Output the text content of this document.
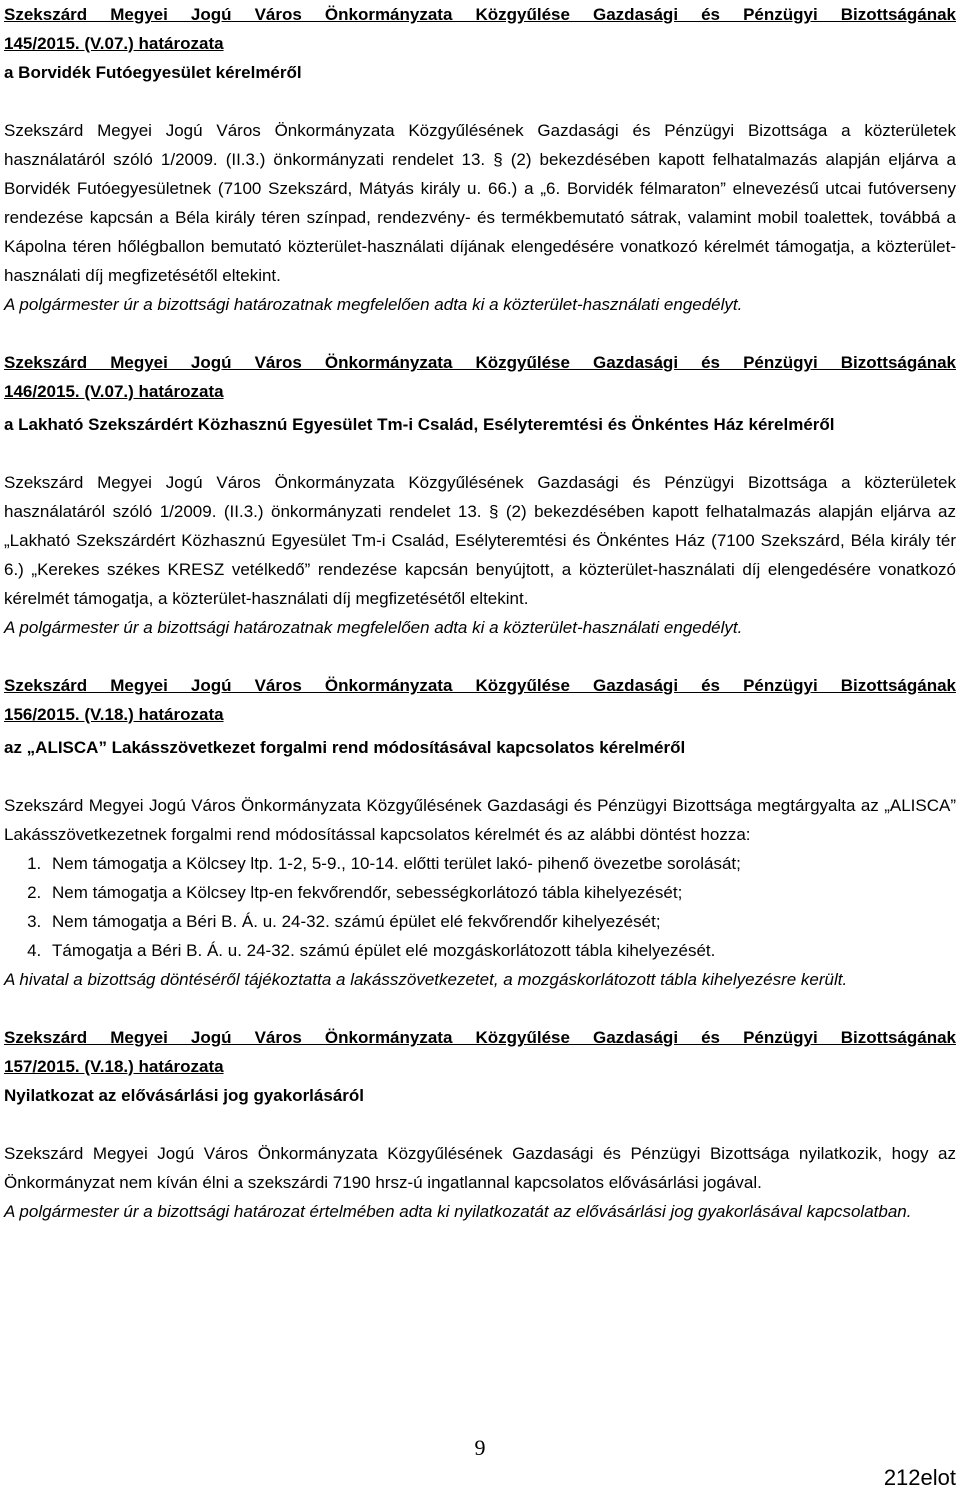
Szekszárd Megyei Jogú Város Önkormányzata Közgyűlése Gazdasági és Pénzügyi Bizottságának
145/2015. (V.07.) határozata
a Borvidék Futóegyesület kérelméről
Szekszárd Megyei Jogú Város Önkormányzata Közgyűlésének Gazdasági és Pénzügyi Bizottsága a közterületek használatáról szóló 1/2009. (II.3.) önkormányzati rendelet 13. § (2) bekezdésében kapott felhatalmazás alapján eljárva a Borvidék Futóegyesületnek (7100 Szekszárd, Mátyás király u. 66.) a „6. Borvidék félmaraton” elnevezésű utcai futóverseny rendezése kapcsán a Béla király téren színpad, rendezvény- és termékbemutató sátrak, valamint mobil toalettek, továbbá a Kápolna téren hőlégballon bemutató közterület-használati díjának elengedésére vonatkozó kérelmét támogatja, a közterület-használati díj megfizetésétől eltekint.
A polgármester úr a bizottsági határozatnak megfelelően adta ki a közterület-használati engedélyt.
Szekszárd Megyei Jogú Város Önkormányzata Közgyűlése Gazdasági és Pénzügyi Bizottságának
146/2015. (V.07.) határozata
a Lakható Szekszárdért Közhasznú Egyesület Tm-i Család, Esélyteremtési és Önkéntes Ház kérelméről
Szekszárd Megyei Jogú Város Önkormányzata Közgyűlésének Gazdasági és Pénzügyi Bizottsága a közterületek használatáról szóló 1/2009. (II.3.) önkormányzati rendelet 13. § (2) bekezdésében kapott felhatalmazás alapján eljárva az „Lakható Szekszárdért Közhasznú Egyesület Tm-i Család, Esélyteremtési és Önkéntes Ház (7100 Szekszárd, Béla király tér 6.) „Kerekes székes KRESZ vetélkedő” rendezése kapcsán benyújtott, a közterület-használati díj elengedésére vonatkozó kérelmét támogatja, a közterület-használati díj megfizetésétől eltekint.
A polgármester úr a bizottsági határozatnak megfelelően adta ki a közterület-használati engedélyt.
Szekszárd Megyei Jogú Város Önkormányzata Közgyűlése Gazdasági és Pénzügyi Bizottságának
156/2015. (V.18.) határozata
az „ALISCA” Lakásszövetkezet forgalmi rend módosításával kapcsolatos kérelméről
Szekszárd Megyei Jogú Város Önkormányzata Közgyűlésének Gazdasági és Pénzügyi Bizottsága megtárgyalta az „ALISCA” Lakásszövetkezetnek forgalmi rend módosítással kapcsolatos kérelmét és az alábbi döntést hozza:
1. Nem támogatja a Kölcsey ltp. 1-2, 5-9., 10-14. előtti terület lakó- pihenő övezetbe sorolását;
2. Nem támogatja a Kölcsey ltp-en fekvőrendőr, sebességkorlátozó tábla kihelyezését;
3. Nem támogatja a Béri B. Á. u. 24-32. számú épület elé fekvőrendőr kihelyezését;
4. Támogatja a Béri B. Á. u. 24-32. számú épület elé mozgáskorlátozott tábla kihelyezését.
A hivatal a bizottság döntéséről tájékoztatta a lakásszövetkezetet, a mozgáskorlátozott tábla kihelyezésre került.
Szekszárd Megyei Jogú Város Önkormányzata Közgyűlése Gazdasági és Pénzügyi Bizottságának
157/2015. (V.18.) határozata
Nyilatkozat az elővásárlási jog gyakorlásáról
Szekszárd Megyei Jogú Város Önkormányzata Közgyűlésének Gazdasági és Pénzügyi Bizottsága nyilatkozik, hogy az Önkormányzat nem kíván élni a szekszárdi 7190 hrsz-ú ingatlannal kapcsolatos elővásárlási jogával.
A polgármester úr a bizottsági határozat értelmében adta ki nyilatkozatát az elővásárlási jog gyakorlásával kapcsolatban.
9
212elot
